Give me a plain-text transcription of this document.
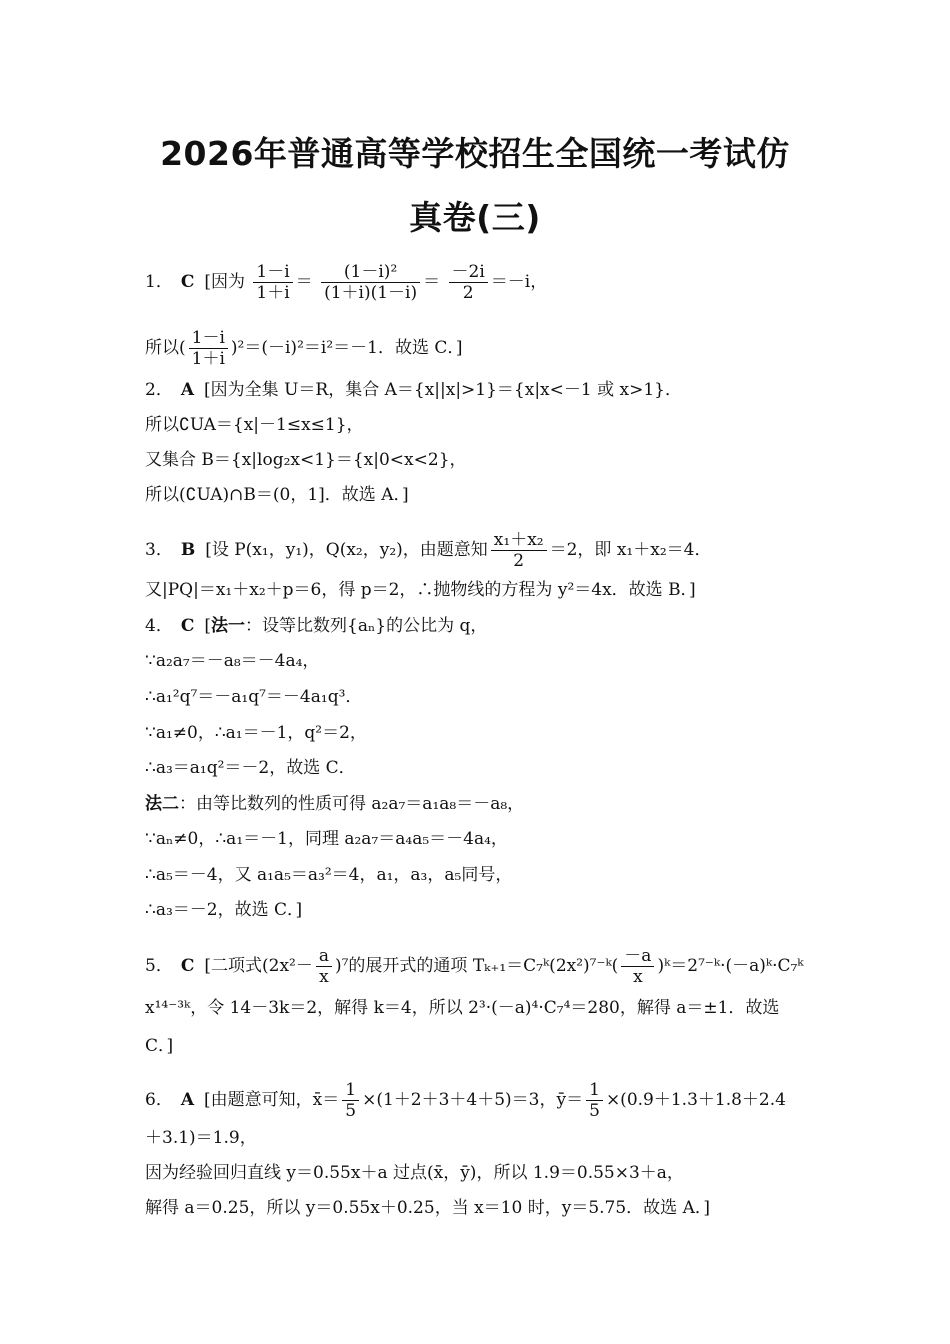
2026年普通高等学校招生全国统一考试仿
真卷(三)
1． C [因为 $\frac{1-i}{1+i} = \frac{\text{(1－i)²}}{(1+i)(1-i)} = \frac{-2i}{2} =-i$，
所以( $\frac{1-i}{1+i} )^2=(-i)^2=i^2=-1$．故选 C．]
2． A [因为全集 U＝R，集合 A＝{x||x|>1}＝{x|x<－1 或 x>1}．
所以∁UA＝{x|－1≤x≤1}，
又集合 B＝{x|log₂x<1}＝{x|0<x<2}，
所以(∁UA)∩B＝(0，1]．故选 A．]
3． B [设 P(x₁，y₁)，Q(x₂，y₂)，由题意知 $\frac{\text{x₁＋x₂}}{2} =2$，即 x₁＋x₂＝4．
又|PQ|＝x₁＋x₂＋p＝6，得 p＝2，∴抛物线的方程为 y²＝4x．故选 B．]
4． C [法一：设等比数列{aₙ}的公比为 q，
∵a₂a₇＝－a₈＝－4a₄，
∴a₁²q⁷＝－a₁q⁷＝－4a₁q³．
∵a₁≠0，∴a₁＝－1，q²＝2，
∴a₃＝a₁q²＝－2，故选 C．
法二：由等比数列的性质可得 a₂a₇＝a₁a₈＝－a₈，
∵aₙ≠0，∴a₁＝－1，同理 a₂a₇＝a₄a₅＝－4a₄，
∴a₅＝－4，又 a₁a₅＝a₃²＝4，a₁，a₃，a₅同号，
∴a₃＝－2，故选 C．]
5． C [二项式$(2x^2- \frac{a}{x} )^7$的展开式的通项 Tₖ₊₁＝C₇ᵏ(2x²)⁷⁻ᵏ( $\frac{-a}{x}$ )ᵏ＝2⁷⁻ᵏ·(－a)ᵏ·C₇ᵏ
x¹⁴⁻³ᵏ，令 14－3k＝2，解得 k＝4，所以 2³·(－a)⁴·C₇⁴＝280，解得 a＝±1．故选
C．]
6． A [由题意可知，x̄＝ $\frac{1}{5} \times(1+2+3+4+5)=3$，ȳ＝ $\frac{1}{5} \times(0.9+1.3+1.8+2.4$
＋3.1)＝1.9，
因为经验回归直线 y＝0.55x＋a 过点(x̄，ȳ)，所以 1.9＝0.55×3＋a，
解得 a＝0.25，所以 y＝0.55x＋0.25，当 x＝10 时，y＝5.75．故选 A．]
